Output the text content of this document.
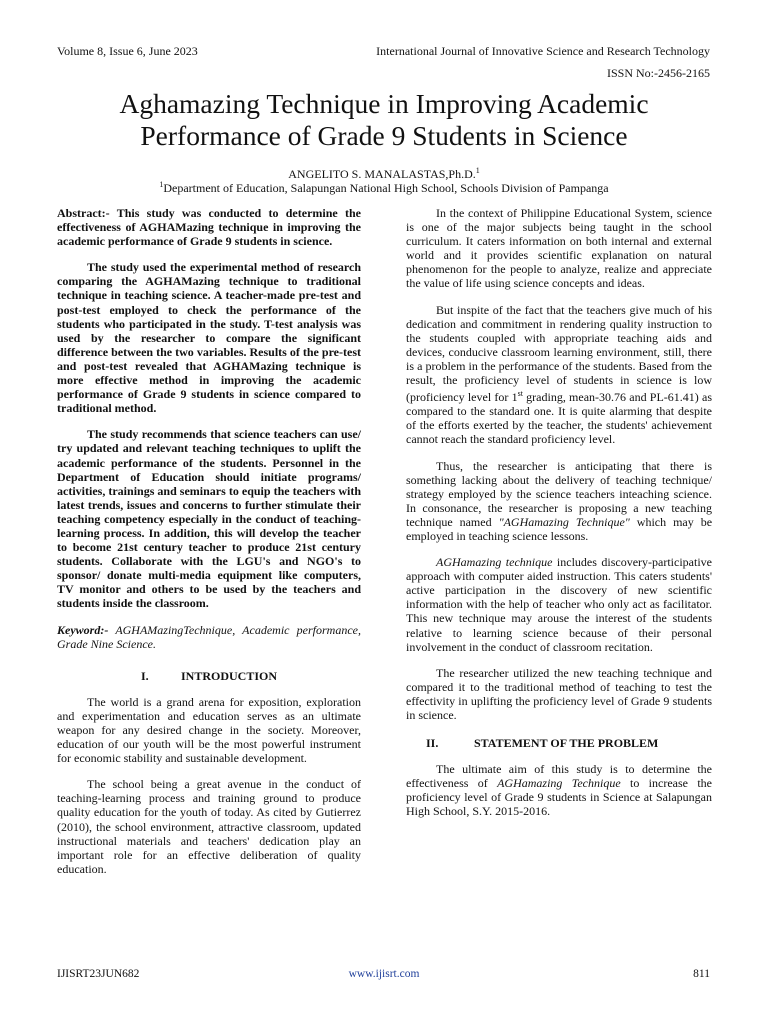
Volume 8, Issue 6, June 2023	International Journal of Innovative Science and Research Technology
ISSN No:-2456-2165
Aghamazing Technique in Improving Academic
Performance of Grade 9 Students in Science
ANGELITO S. MANALASTAS,Ph.D.$^1$
$^1$Department of Education, Salapungan National High School, Schools Division of Pampanga

Abstract:- This study was conducted to determine the effectiveness of AGHAMazing technique in improving the academic performance of Grade 9 students in science.

The study used the experimental method of research comparing the AGHAMazing technique to traditional technique in teaching science. A teacher-made pre-test and post-test employed to check the performance of the students who participated in the study. T-test analysis was used by the researcher to compare the significant difference between the two variables. Results of the pre-test and post-test revealed that AGHAMazing technique is more effective method in improving the academic performance of Grade 9 students in science compared to traditional method.

The study recommends that science teachers can use/ try updated and relevant teaching techniques to uplift the academic performance of the students. Personnel in the Department of Education should initiate programs/ activities, trainings and seminars to equip the teachers with latest trends, issues and concerns to further stimulate their teaching competency especially in the conduct of teaching-learning process. In addition, this will develop the teacher to become 21st century teacher to produce 21st century students. Collaborate with the LGU's and NGO's to sponsor/ donate multi-media equipment like computers, TV monitor and others to be used by the teachers and students inside the classroom.

Keyword:- AGHAMazingTechnique, Academic performance, Grade Nine Science.

I.	INTRODUCTION

The world is a grand arena for exposition, exploration and experimentation and education serves as an ultimate weapon for any desired change in the society. Moreover, education of our youth will be the most powerful instrument for economic stability and sustainable development.

The school being a great avenue in the conduct of teaching-learning process and training ground to produce quality education for the youth of today. As cited by Gutierrez (2010), the school environment, attractive classroom, updated instructional materials and teachers' dedication play an important role for an effective deliberation of quality education.

In the context of Philippine Educational System, science is one of the major subjects being taught in the school curriculum. It caters information on both internal and external world and it provides scientific explanation on natural phenomenon for the people to analyze, realize and appreciate the value of life using science concepts and ideas.

But inspite of the fact that the teachers give much of his dedication and commitment in rendering quality instruction to the students coupled with appropriate teaching aids and devices, conducive classroom learning environment, still, there is a problem in the performance of the students. Based from the result, the proficiency level of students in science is low (proficiency level for 1st grading, mean-30.76 and PL-61.41) as compared to the standard one. It is quite alarming that despite of the efforts exerted by the teacher, the students' achievement cannot reach the standard proficiency level.

Thus, the researcher is anticipating that there is something lacking about the delivery of teaching technique/ strategy employed by the science teachers inteaching science. In consonance, the researcher is proposing a new teaching technique named "AGHamazing Technique" which may be employed in teaching science lessons.

AGHamazing technique includes discovery-participative approach with computer aided instruction. This caters students' active participation in the discovery of new scientific information with the help of teacher who only act as facilitator. This new technique may arouse the interest of the students relative to learning science because of their personal involvement in the conduct of classroom recitation.

The researcher utilized the new teaching technique and compared it to the traditional method of teaching to test the effectivity in uplifting the proficiency level of Grade 9 students in science.

II.	STATEMENT OF THE PROBLEM

The ultimate aim of this study is to determine the effectiveness of AGHamazing Technique to increase the proficiency level of Grade 9 students in Science at Salapungan High School, S.Y. 2015-2016.

IJISRT23JUN682	www.ijisrt.com	811
